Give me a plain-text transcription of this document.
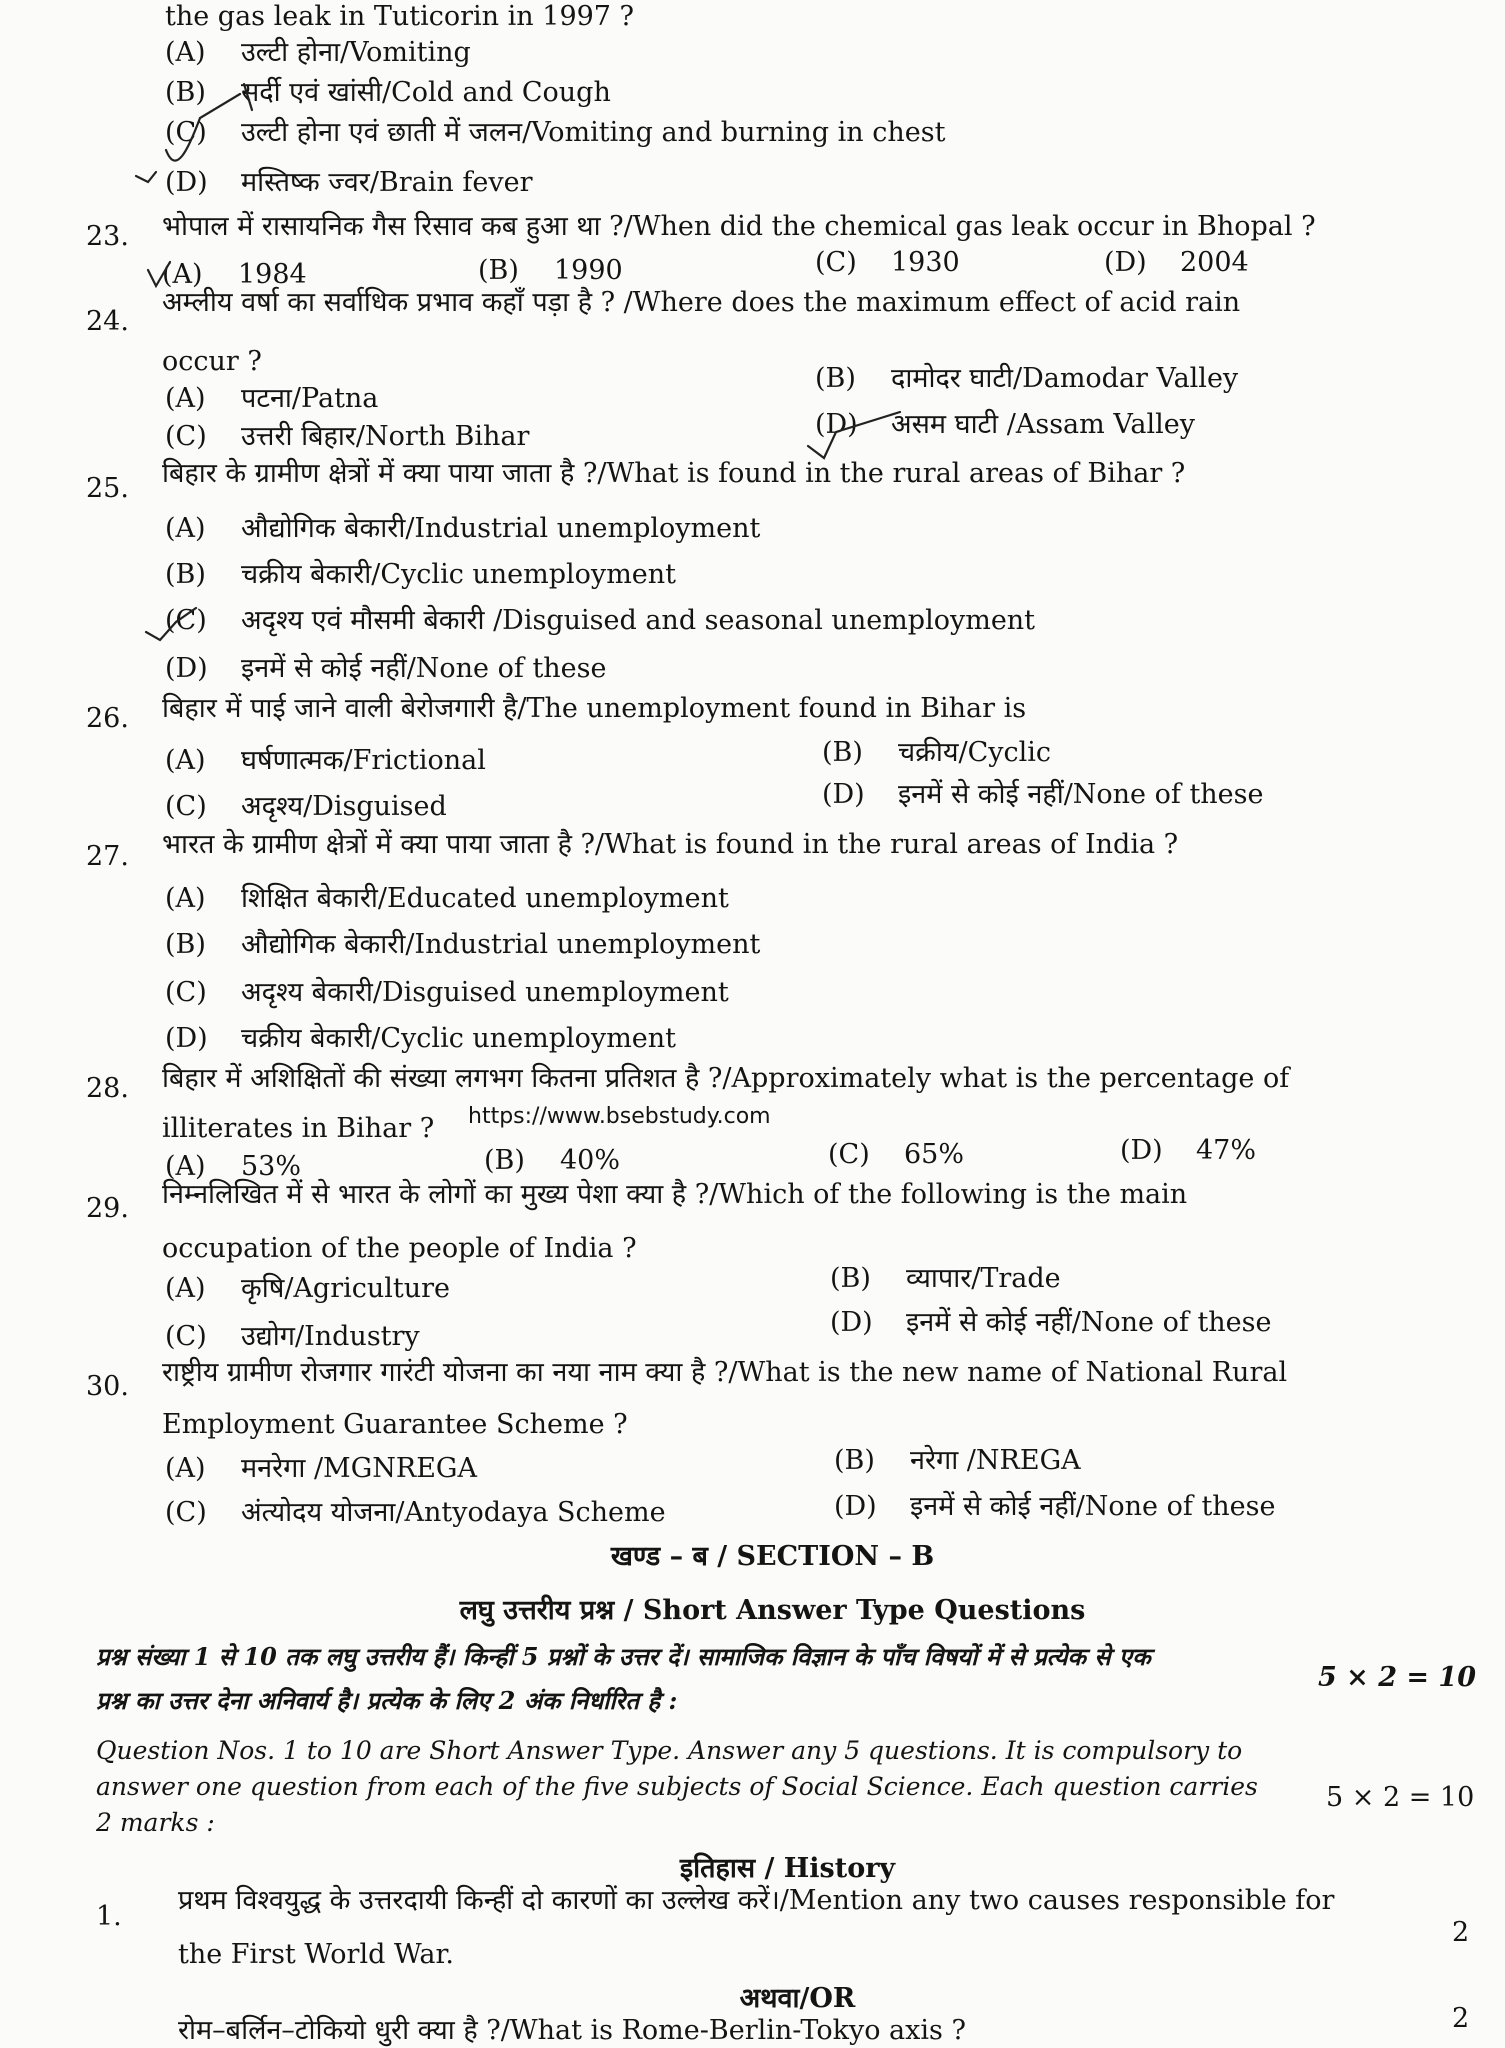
the gas leak in Tuticorin in 1997 ?
(A) उल्टी होना/Vomiting
(B) सर्दी एवं खांसी/Cold and Cough
(C) उल्टी होना एवं छाती में जलन/Vomiting and burning in chest
(D) मस्तिष्क ज्वर/Brain fever
23. भोपाल में रासायनिक गैस रिसाव कब हुआ था ?/When did the chemical gas leak occur in Bhopal ?
(A) 1984	(B) 1990	(C) 1930	(D) 2004
24.
अम्लीय वर्षा का सर्वाधिक प्रभाव कहाँ पड़ा है ? /Where does the maximum effect of acid rain
occur ?
(A) पटना/Patna
(B) दामोदर घाटी/Damodar Valley
(C) उत्तरी बिहार/North Bihar	(D) असम घाटी /Assam Valley
25. बिहार के ग्रामीण क्षेत्रों में क्या पाया जाता है ?/What is found in the rural areas of Bihar ?
(A) औद्योगिक बेकारी/Industrial unemployment
(B) चक्रीय बेकारी/Cyclic unemployment
(C) अदृश्य एवं मौसमी बेकारी /Disguised and seasonal unemployment
(D) इनमें से कोई नहीं/None of these
26. बिहार में पाई जाने वाली बेरोजगारी है/The unemployment found in Bihar is
(A) घर्षणात्मक/Frictional	(B) चक्रीय/Cyclic
(C) अदृश्य/Disguised	(D) इनमें से कोई नहीं/None of these
27. भारत के ग्रामीण क्षेत्रों में क्या पाया जाता है ?/What is found in the rural areas of India ?
(A) शिक्षित बेकारी/Educated unemployment
(B) औद्योगिक बेकारी/Industrial unemployment
(C) अदृश्य बेकारी/Disguised unemployment
(D) चक्रीय बेकारी/Cyclic unemployment
28. बिहार में अशिक्षितों की संख्या लगभग कितना प्रतिशत है ?/Approximately what is the percentage of
illiterates in Bihar ? https://www.bsebstudy.com
(A) 53%	(B) 40%	(C) 65%	(D) 47%
29. निम्नलिखित में से भारत के लोगों का मुख्य पेशा क्या है ?/Which of the following is the main
occupation of the people of India ?
(A) कृषि/Agriculture	(B) व्यापार/Trade
(C) उद्योग/Industry	(D) इनमें से कोई नहीं/None of these
30. राष्ट्रीय ग्रामीण रोजगार गारंटी योजना का नया नाम क्या है ?/What is the new name of National Rural
Employment Guarantee Scheme ?
(A) मनरेगा /MGNREGA	(B) नरेगा /NREGA
(C) अंत्योदय योजना/Antyodaya Scheme	(D) इनमें से कोई नहीं/None of these
खण्ड – ब / SECTION – B
लघु उत्तरीय प्रश्न / Short Answer Type Questions
प्रश्न संख्या 1 से 10 तक लघु उत्तरीय हैं। किन्हीं 5 प्रश्नों के उत्तर दें। सामाजिक विज्ञान के पाँच विषयों में से प्रत्येक से एक
प्रश्न का उत्तर देना अनिवार्य है। प्रत्येक के लिए 2 अंक निर्धारित है :
5 × 2 = 10
Question Nos. 1 to 10 are Short Answer Type. Answer any 5 questions. It is compulsory to
answer one question from each of the five subjects of Social Science. Each question carries
2 marks :
5 × 2 = 10
इतिहास / History
1.
प्रथम विश्वयुद्ध के उत्तरदायी किन्हीं दो कारणों का उल्लेख करें।/Mention any two causes responsible for
the First World War.
2
अथवा/OR
रोम–बर्लिन–टोकियो धुरी क्या है ?/What is Rome-Berlin-Tokyo axis ?	2
